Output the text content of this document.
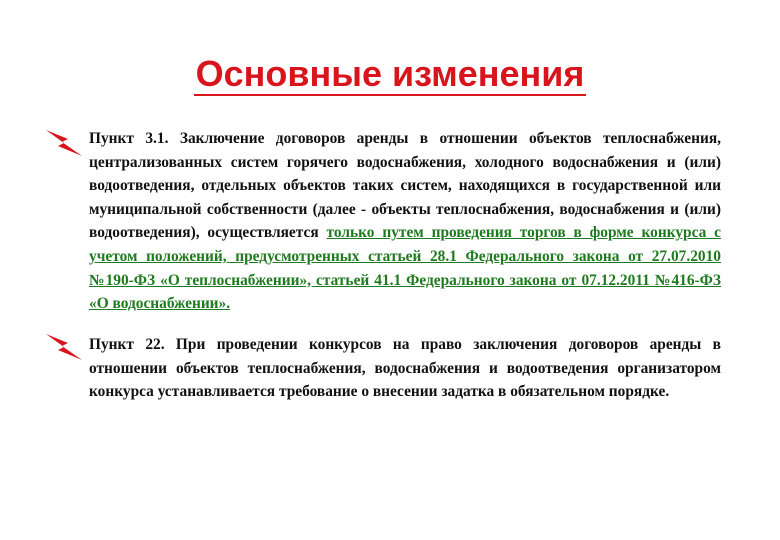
Основные изменения
Пункт 3.1. Заключение договоров аренды в отношении объектов теплоснабжения, централизованных систем горячего водоснабжения, холодного водоснабжения и (или) водоотведения, отдельных объектов таких систем, находящихся в государственной или муниципальной собственности (далее - объекты теплоснабжения, водоснабжения и (или) водоотведения), осуществляется только путем проведения торгов в форме конкурса с учетом положений, предусмотренных статьей 28.1 Федерального закона от 27.07.2010 №190-ФЗ «О теплоснабжении», статьей 41.1 Федерального закона от 07.12.2011 №416-ФЗ «О водоснабжении».
Пункт 22. При проведении конкурсов на право заключения договоров аренды в отношении объектов теплоснабжения, водоснабжения и водоотведения организатором конкурса устанавливается требование о внесении задатка в обязательном порядке.
